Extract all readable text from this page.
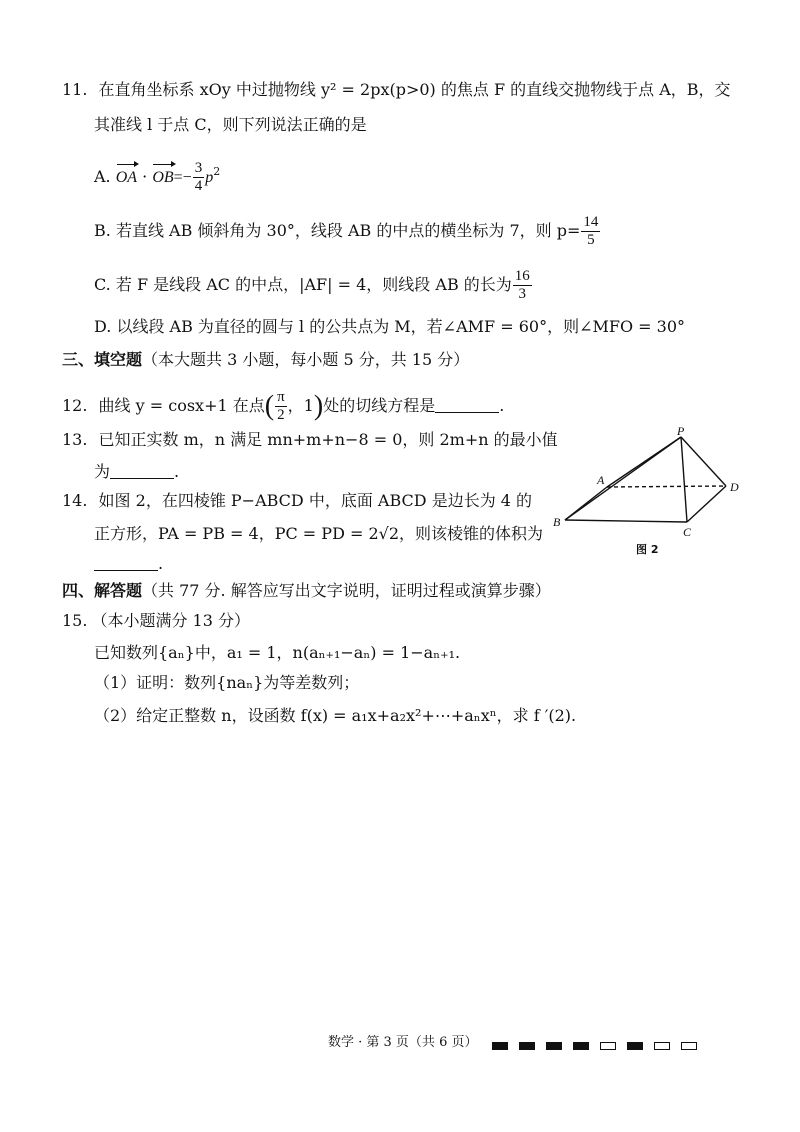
11. 在直角坐标系 xOy 中过抛物线 y² = 2px(p>0) 的焦点 F 的直线交抛物线于点 A，B，交
其准线 l 于点 C，则下列说法正确的是
A. OA · $OB=- \frac{3}{4} p^2$
B. 若直线 AB 倾斜角为 30°，线段 AB 的中点的横坐标为 7，则 $p= \frac{14}{5}$
C. 若 F 是线段 AC 的中点，|AF| = 4，则线段 AB 的长为 $\frac{16}{3}$
D. 以线段 AB 为直径的圆与 l 的公共点为 M，若∠AMF = 60°，则∠MFO = 30°
三、填空题（本大题共 3 小题，每小题 5 分，共 15 分）
12. 曲线 y = cosx+1 在点( $\frac{\pi}{2}$ ，1)处的切线方程是	.
13. 已知正实数 m，n 满足 mn+m+n−8 = 0，则 2m+n 的最小值
为	.
14. 如图 2，在四棱锥 P−ABCD 中，底面 ABCD 是边长为 4 的
正方形，PA = PB = 4，PC = PD = 2√2，则该棱锥的体积为
.
P
A	D
B
C
图 2
四、解答题（共 77 分. 解答应写出文字说明，证明过程或演算步骤）
15. （本小题满分 13 分）
已知数列{aₙ}中，a₁ = 1，n(aₙ₊₁−aₙ) = 1−aₙ₊₁.
（1）证明：数列{naₙ}为等差数列；
（2）给定正整数 n，设函数 f(x) = a₁x+a₂x²+⋯+aₙxⁿ，求 f ′(2).
数学 · 第 3 页（共 6 页）
